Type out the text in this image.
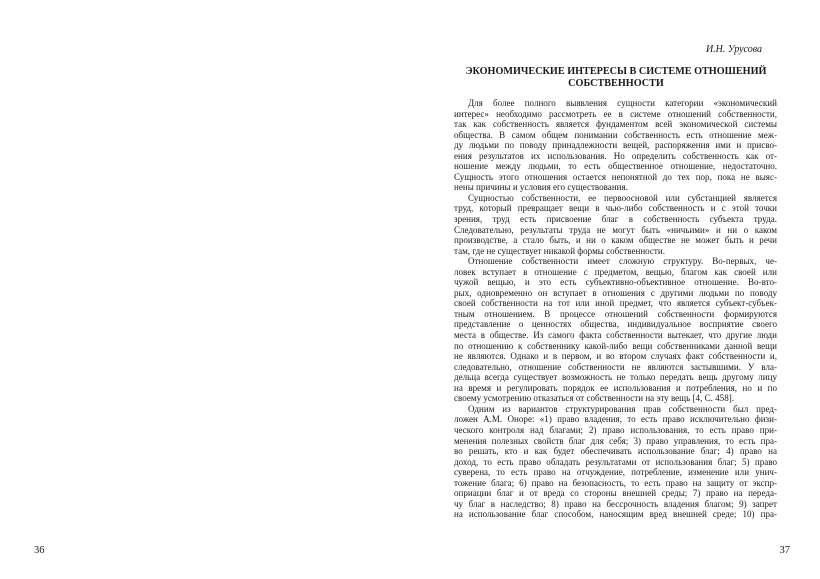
36
И.Н. Урусова
ЭКОНОМИЧЕСКИЕ ИНТЕРЕСЫ В СИСТЕМЕ ОТНОШЕНИЙ
СОБСТВЕННОСТИ
Для более полного выявления сущности категории «экономический
интерес» необходимо рассмотреть ее в системе отношений собственности,
так как собственность является фундаментом всей экономической системы
общества. В самом общем понимании собственность есть отношение меж-
ду людьми по поводу принадлежности вещей, распоряжения ими и присво-
ения результатов их использования. Но определить собственность как от-
ношение между людьми, то есть общественное отношение, недостаточно.
Сущность этого отношения остается непонятной до тех пор, пока не выяс-
нены причины и условия его существования.
Сущностью собственности, ее первоосновой или субстанцией является
труд, который превращает вещи в чью-либо собственность и с этой точки
зрения, труд есть присвоение благ в собственность субъекта труда.
Следовательно, результаты труда не могут быть «ничьими» и ни о каком
производстве, а стало быть, и ни о каком обществе не может быть и речи
там, где не существует никакой формы собственности.
Отношение собственности имеет сложную структуру. Во-первых, че-
ловек вступает в отношение с предметом, вещью, благом как своей или
чужой вещью, и это есть субъективно-объективное отношение. Во-вто-
рых, одновременно он вступает в отношения с другими людьми по поводу
своей собственности на тот или иной предмет, что является субъект-субъек-
тным отношением. В процессе отношений собственности формируются
представление о ценностях общества, индивидуальное восприятие своего
места в обществе. Из самого факта собственности вытекает, что другие люди
по отношению к собственнику какой-либо вещи собственниками данной вещи
не являются. Однако и в первом, и во втором случаях факт собственности и,
следовательно, отношение собственности не являются застывшими. У вла-
дельца всегда существует возможность не только передать вещь другому лицу
на время и регулировать порядок ее использования и потребления, но и по
своему усмотрению отказаться от собственности на эту вещь [4, С. 458].
Одним из вариантов структурирования прав собственности был пред-
ложен А.М. Оноре: «1) право владения, то есть право исключительно физи-
ческого контроля над благами; 2) право использования, то есть право при-
менения полезных свойств благ для себя; 3) право управления, то есть пра-
во решать, кто и как будет обеспечивать использование благ; 4) право на
доход, то есть право обладать результатами от использования благ; 5) право
суверена, то есть право на отчуждение, потребление, изменение или унич-
тожение блага; 6) право на безопасность, то есть право на защиту от экспр-
оприации благ и от вреда со стороны внешней среды; 7) право на переда-
чу благ в наследство; 8) право на бессрочность владения благом; 9) запрет
на использование благ способом, наносящим вред внешней среде; 10) пра-
37
